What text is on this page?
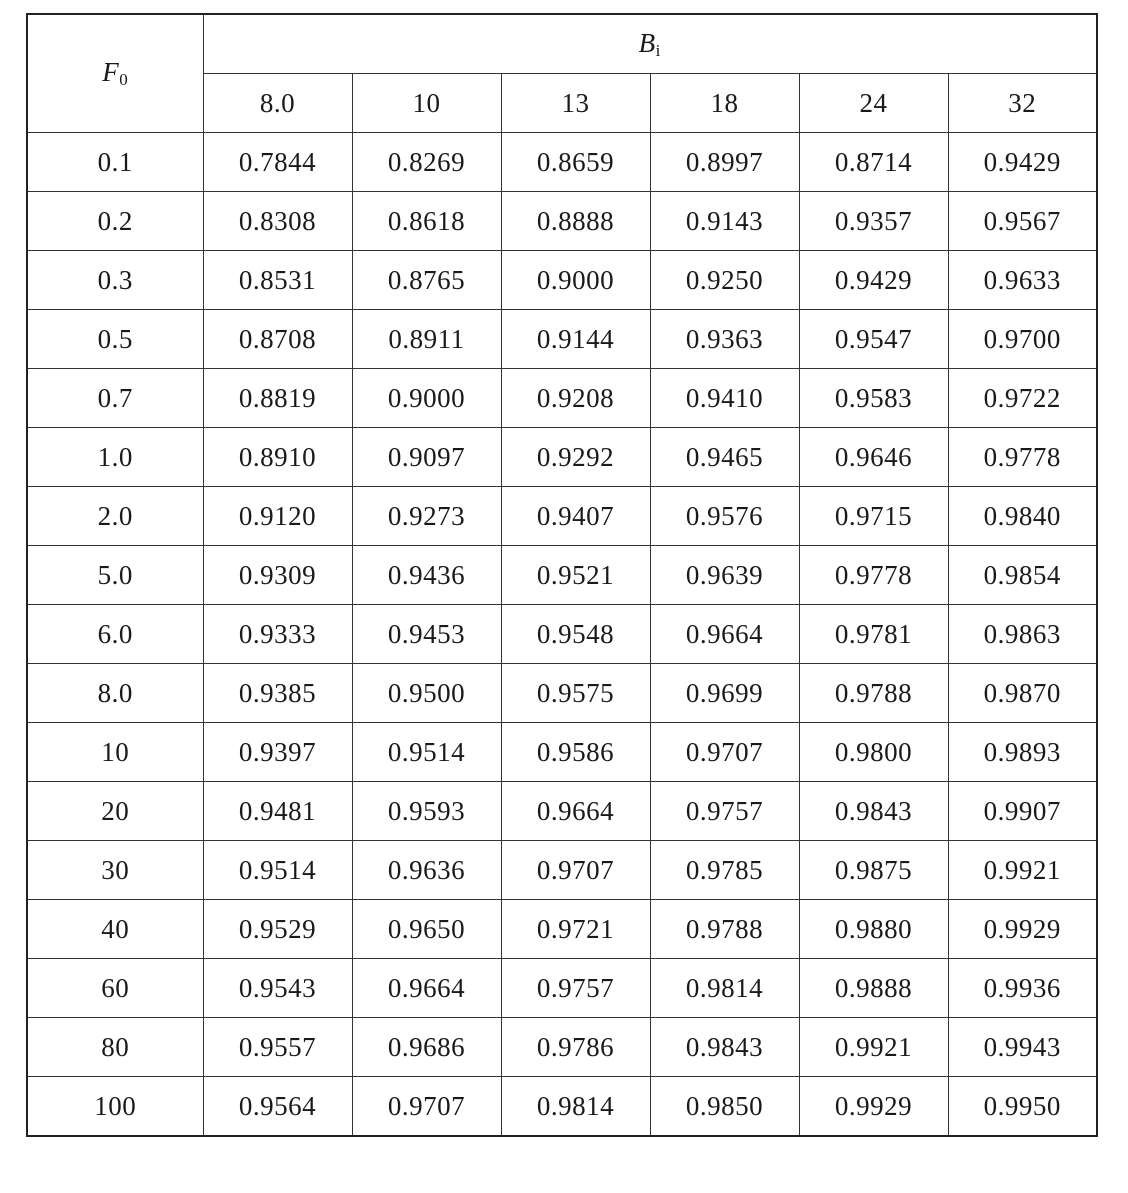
$F_0$	$B_i$
	8.0	10	13	18	24	32
0.1	0.7844	0.8269	0.8659	0.8997	0.8714	0.9429
0.2	0.8308	0.8618	0.8888	0.9143	0.9357	0.9567
0.3	0.8531	0.8765	0.9000	0.9250	0.9429	0.9633
0.5	0.8708	0.8911	0.9144	0.9363	0.9547	0.9700
0.7	0.8819	0.9000	0.9208	0.9410	0.9583	0.9722
1.0	0.8910	0.9097	0.9292	0.9465	0.9646	0.9778
2.0	0.9120	0.9273	0.9407	0.9576	0.9715	0.9840
5.0	0.9309	0.9436	0.9521	0.9639	0.9778	0.9854
6.0	0.9333	0.9453	0.9548	0.9664	0.9781	0.9863
8.0	0.9385	0.9500	0.9575	0.9699	0.9788	0.9870
10	0.9397	0.9514	0.9586	0.9707	0.9800	0.9893
20	0.9481	0.9593	0.9664	0.9757	0.9843	0.9907
30	0.9514	0.9636	0.9707	0.9785	0.9875	0.9921
40	0.9529	0.9650	0.9721	0.9788	0.9880	0.9929
60	0.9543	0.9664	0.9757	0.9814	0.9888	0.9936
80	0.9557	0.9686	0.9786	0.9843	0.9921	0.9943
100	0.9564	0.9707	0.9814	0.9850	0.9929	0.9950
